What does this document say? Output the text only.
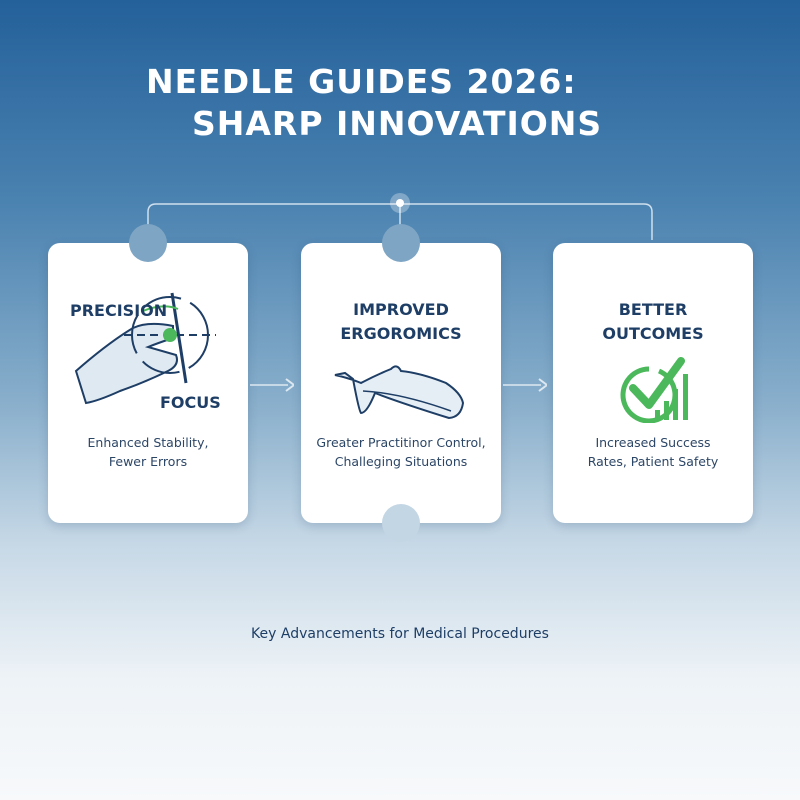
NEEDLE GUIDES 2026:
SHARP INNOVATIONS
PRECISION
FOCUS
Enhanced Stability,
Fewer Errors
IMPROVED
ERGOROMICS
Greater Practitinor Control,
Challeging Situations
BETTER
OUTCOMES
Increased Success
Rates, Patient Safety
Key Advancements for Medical Procedures
